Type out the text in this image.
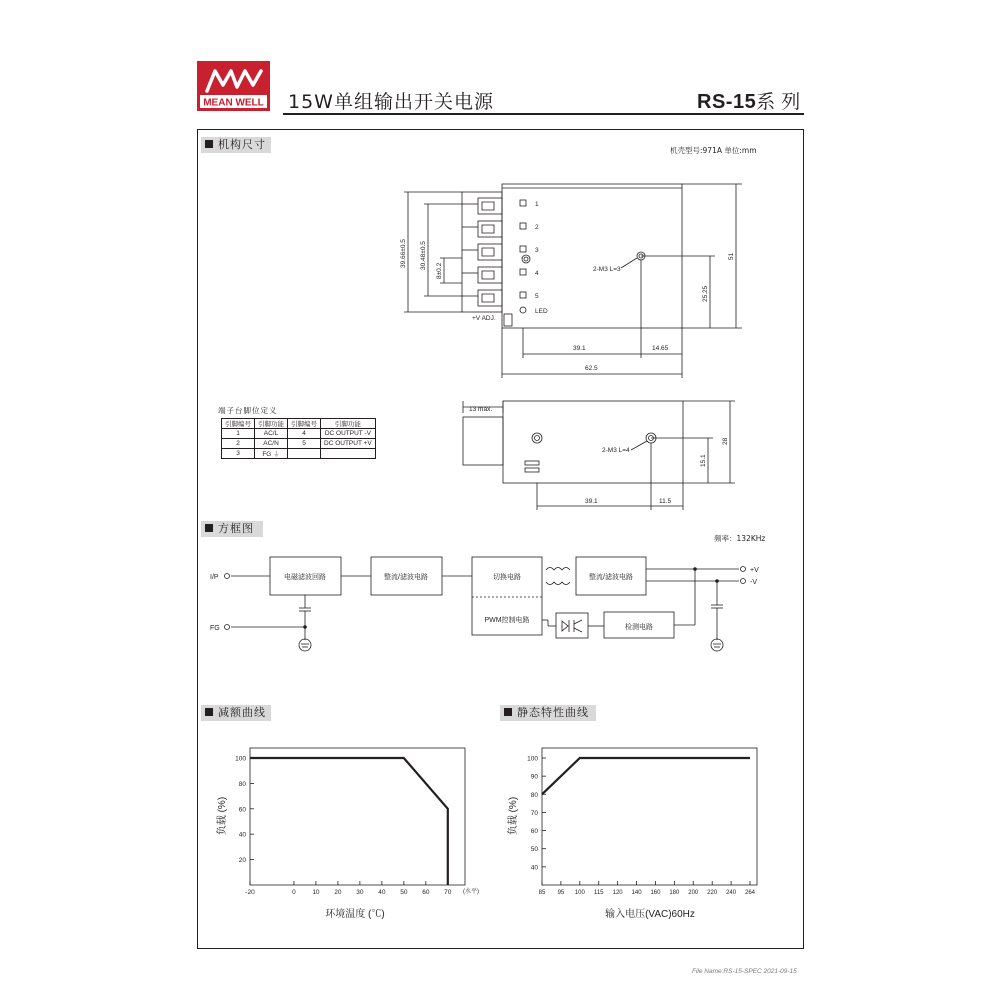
MEAN WELL 15W单组输出开关电源	RS-15系 列
机构尺寸	机壳型号:971A 单位:mm
1
2
3
4
5
LED
+V ADJ.
2-M3 L=3
39.1	14.65
62.5
39.66±0.5 30.48±0.5
8±0.2
51
25.25
端子台脚位定义
引脚编号	引脚功能	引脚编号	引脚功能
1	AC/L	4	DC OUTPUT -V
2	AC/N	5	DC OUTPUT +V
3	FG ⏚		
13 max.
2-M3 L=4
39.1	11.5
28
15.1
方框图
频率：132KHz
I/P
FG
电磁滤波回路	整流/滤波电路	切换电路
PWM控制电路
整流/滤波电路
检测电路
+V
-V
减额曲线
-20	0	10 20 30 40 50 60 70
100
80
60
40
20
(水平)
环境温度 (℃)
负载 (%)
静态特性曲线
85 95 100 115 120 140 160 180 200 220 240 264
100
90
80
70
60
50
40
输入电压(VAC)60Hz
负载 (%)
File Name:RS-15-SPEC 2021-09-15
